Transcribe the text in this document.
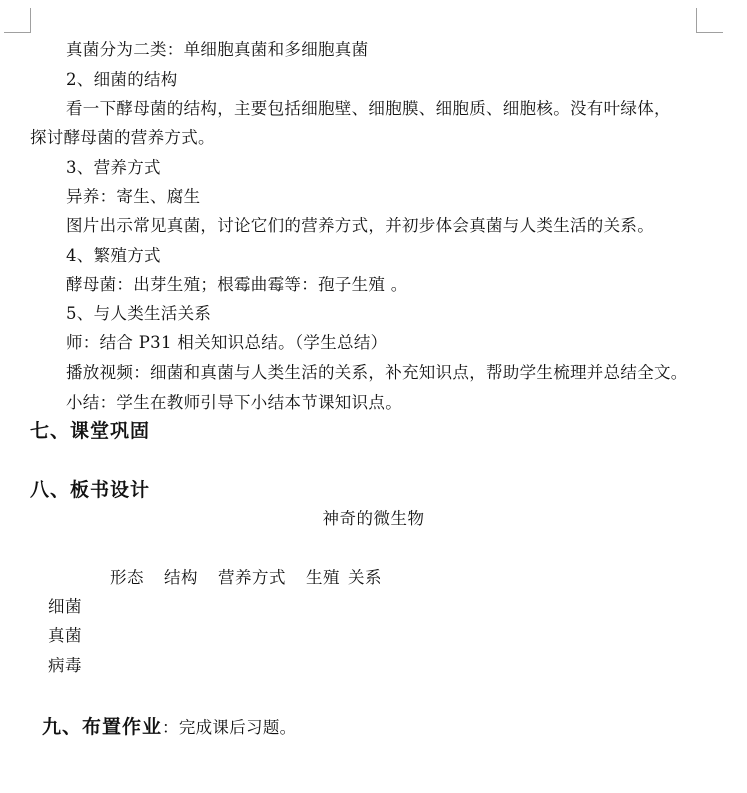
真菌分为二类：单细胞真菌和多细胞真菌
2、细菌的结构
看一下酵母菌的结构，主要包括细胞壁、细胞膜、细胞质、细胞核。没有叶绿体，
探讨酵母菌的营养方式。
3、营养方式
异养：寄生、腐生
图片出示常见真菌，讨论它们的营养方式，并初步体会真菌与人类生活的关系。
4、繁殖方式
酵母菌：出芽生殖；根霉曲霉等：孢子生殖 。
5、与人类生活关系
师：结合 P31 相关知识总结。（学生总结）
播放视频：细菌和真菌与人类生活的关系，补充知识点，帮助学生梳理并总结全文。
小结：学生在教师引导下小结本节课知识点。
七、课堂巩固
八、板书设计
神奇的微生物
形态 结构 营养方式 生殖 关系
细菌
真菌
病毒
九、布置作业：完成课后习题。
